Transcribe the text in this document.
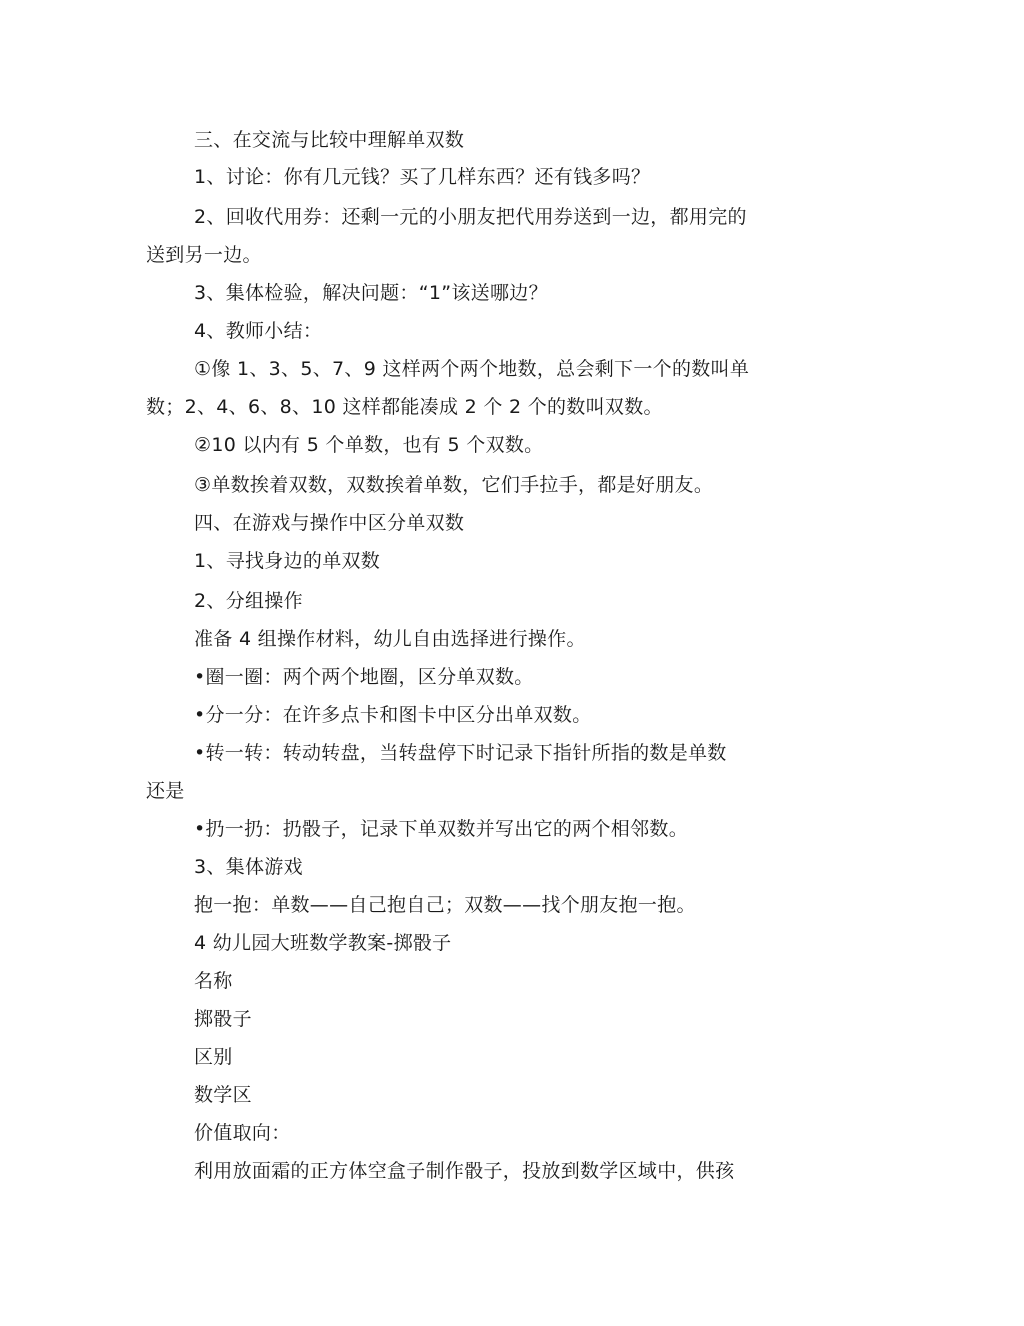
三、在交流与比较中理解单双数
1、讨论：你有几元钱？买了几样东西？还有钱多吗？
2、回收代用券：还剩一元的小朋友把代用券送到一边，都用完的
送到另一边。
3、集体检验，解决问题：“1”该送哪边？
4、教师小结：
①像 1、3、5、7、9 这样两个两个地数，总会剩下一个的数叫单
数；2、4、6、8、10 这样都能凑成 2 个 2 个的数叫双数。
②10 以内有 5 个单数，也有 5 个双数。
③单数挨着双数，双数挨着单数，它们手拉手，都是好朋友。
四、在游戏与操作中区分单双数
1、寻找身边的单双数
2、分组操作
准备 4 组操作材料，幼儿自由选择进行操作。
•圈一圈：两个两个地圈，区分单双数。
•分一分：在许多点卡和图卡中区分出单双数。
•转一转：转动转盘，当转盘停下时记录下指针所指的数是单数
还是
•扔一扔：扔骰子，记录下单双数并写出它的两个相邻数。
3、集体游戏
抱一抱：单数——自己抱自己；双数——找个朋友抱一抱。
4 幼儿园大班数学教案-掷骰子
名称
掷骰子
区别
数学区
价值取向：
利用放面霜的正方体空盒子制作骰子，投放到数学区域中，供孩
